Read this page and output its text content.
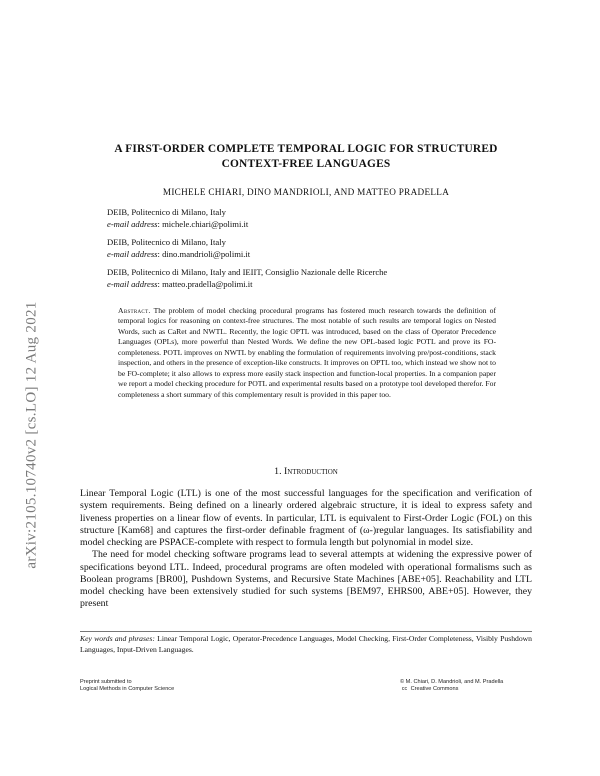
arXiv:2105.10740v2 [cs.LO] 12 Aug 2021
A FIRST-ORDER COMPLETE TEMPORAL LOGIC FOR STRUCTURED
CONTEXT-FREE LANGUAGES
MICHELE CHIARI, DINO MANDRIOLI, AND MATTEO PRADELLA
DEIB, Politecnico di Milano, Italy
e-mail address: michele.chiari@polimi.it
DEIB, Politecnico di Milano, Italy
e-mail address: dino.mandrioli@polimi.it
DEIB, Politecnico di Milano, Italy and IEIIT, Consiglio Nazionale delle Ricerche
e-mail address: matteo.pradella@polimi.it
Abstract. The problem of model checking procedural programs has fostered much research towards the definition of temporal logics for reasoning on context-free structures. The most notable of such results are temporal logics on Nested Words, such as CaRet and NWTL. Recently, the logic OPTL was introduced, based on the class of Operator Precedence Languages (OPLs), more powerful than Nested Words. We define the new OPL-based logic POTL and prove its FO-completeness. POTL improves on NWTL by enabling the formulation of requirements involving pre/post-conditions, stack inspection, and others in the presence of exception-like constructs. It improves on OPTL too, which instead we show not to be FO-complete; it also allows to express more easily stack inspection and function-local properties. In a companion paper we report a model checking procedure for POTL and experimental results based on a prototype tool developed therefor. For completeness a short summary of this complementary result is provided in this paper too.
1. Introduction

Linear Temporal Logic (LTL) is one of the most successful languages for the specification and verification of system requirements. Being defined on a linearly ordered algebraic structure, it is ideal to express safety and liveness properties on a linear flow of events. In particular, LTL is equivalent to First-Order Logic (FOL) on this structure [Kam68] and captures the first-order definable fragment of (ω-)regular languages. Its satisfiability and model checking are PSPACE-complete with respect to formula length but polynomial in model size.

The need for model checking software programs lead to several attempts at widening the expressive power of specifications beyond LTL. Indeed, procedural programs are often modeled with operational formalisms such as Boolean programs [BR00], Pushdown Systems, and Recursive State Machines [ABE+05]. Reachability and LTL model checking have been extensively studied for such systems [BEM97, EHRS00, ABE+05]. However, they present

Key words and phrases: Linear Temporal Logic, Operator-Precedence Languages, Model Checking, First-Order Completeness, Visibly Pushdown Languages, Input-Driven Languages.
Preprint submitted to
Logical Methods in Computer Science
© M. Chiari, D. Mandrioli, and M. Pradella
cc Creative Commons
